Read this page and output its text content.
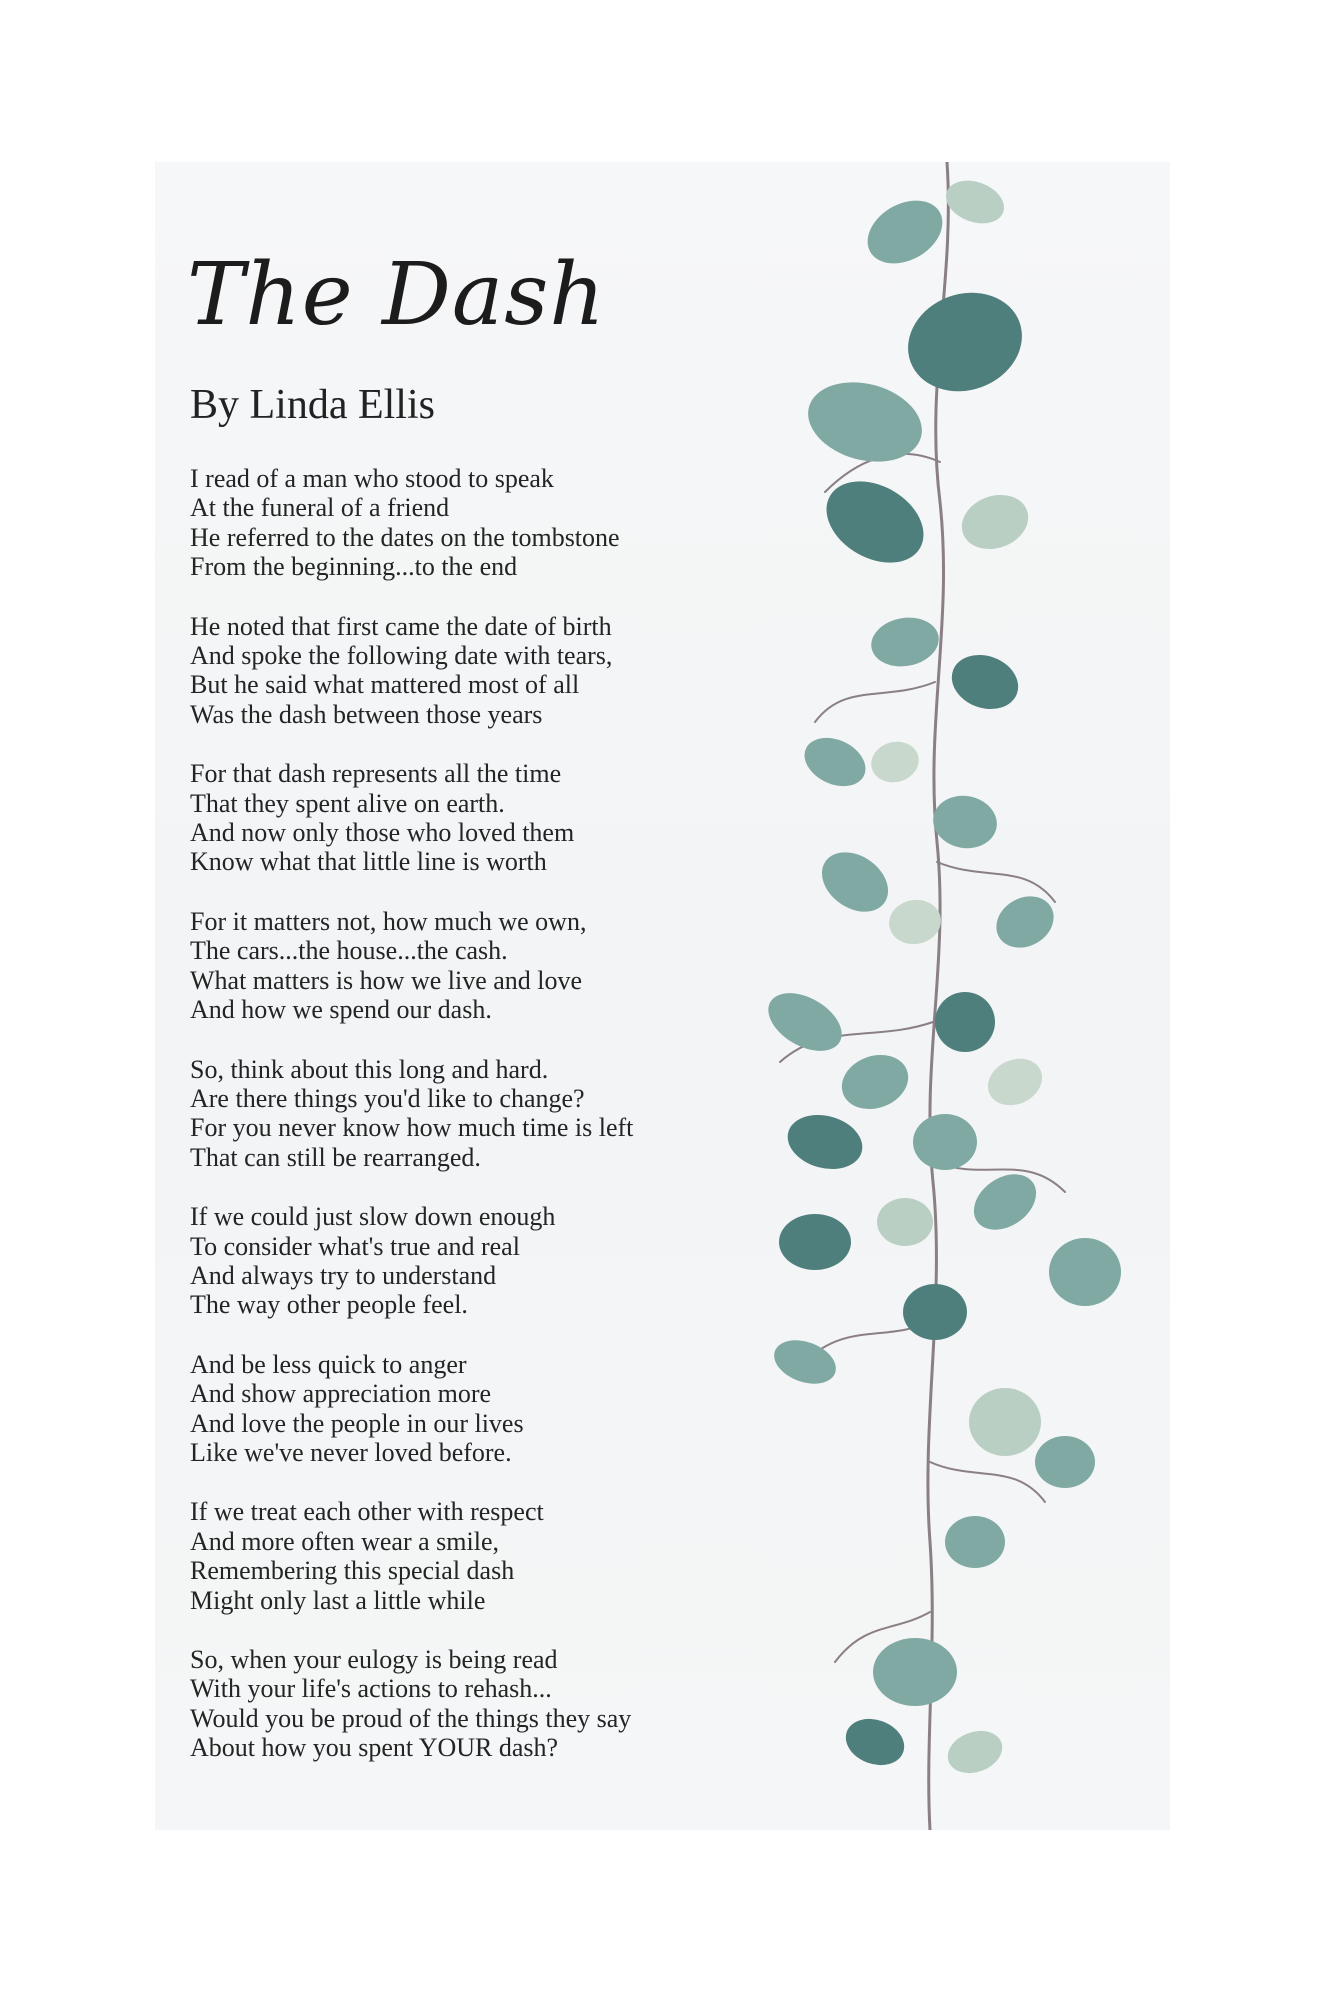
The Dash
By Linda Ellis
I read of a man who stood to speak
At the funeral of a friend
He referred to the dates on the tombstone
From the beginning...to the end
He noted that first came the date of birth
And spoke the following date with tears,
But he said what mattered most of all
Was the dash between those years
For that dash represents all the time
That they spent alive on earth.
And now only those who loved them
Know what that little line is worth
For it matters not, how much we own,
The cars...the house...the cash.
What matters is how we live and love
And how we spend our dash.
So, think about this long and hard.
Are there things you'd like to change?
For you never know how much time is left
That can still be rearranged.
If we could just slow down enough
To consider what's true and real
And always try to understand
The way other people feel.
And be less quick to anger
And show appreciation more
And love the people in our lives
Like we've never loved before.
If we treat each other with respect
And more often wear a smile,
Remembering this special dash
Might only last a little while
So, when your eulogy is being read
With your life's actions to rehash...
Would you be proud of the things they say
About how you spent YOUR dash?
